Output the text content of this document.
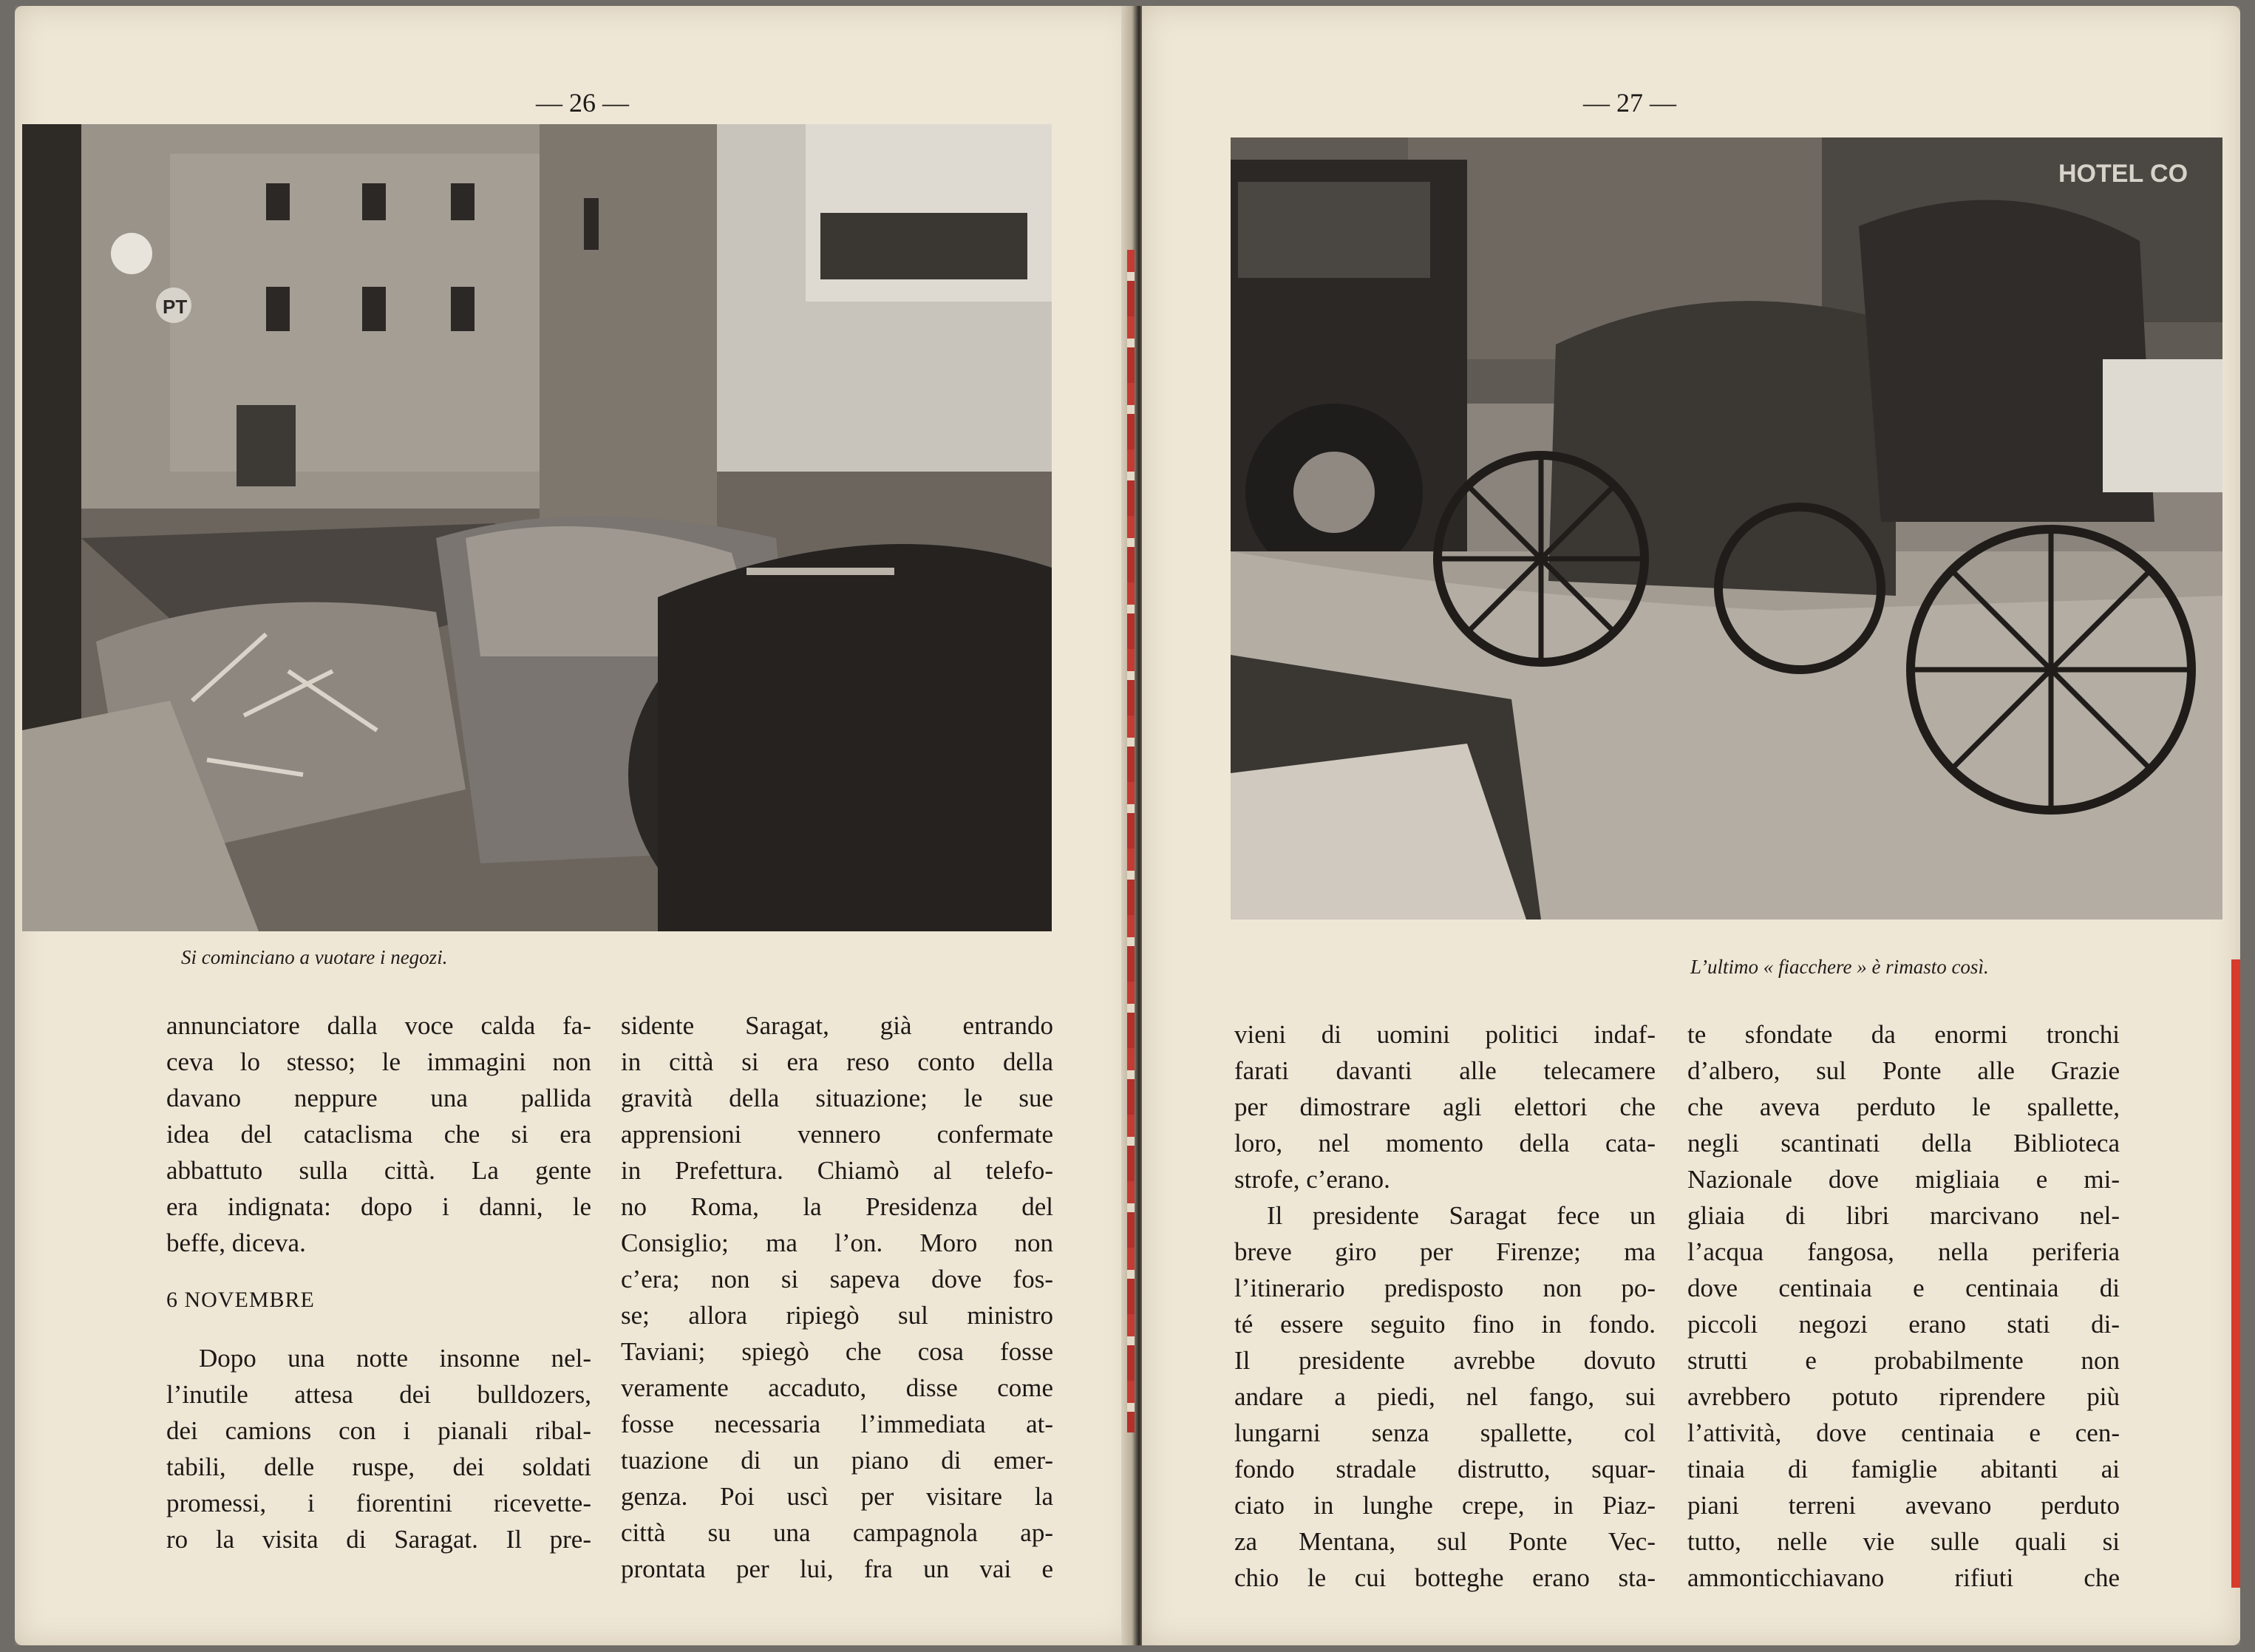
— 26 —
PT
Si cominciano a vuotare i negozi.
annunciatore dalla voce calda fa-
ceva lo stesso; le immagini non
davano neppure una pallida
idea del cataclisma che si era
abbattuto sulla città. La gente
era indignata: dopo i danni, le
beffe, diceva.
6 NOVEMBRE
Dopo una notte insonne nel-
l’inutile attesa dei bulldozers,
dei camions con i pianali ribal-
tabili, delle ruspe, dei soldati
promessi, i fiorentini ricevette-
ro la visita di Saragat. Il pre-
sidente Saragat, già entrando
in città si era reso conto della
gravità della situazione; le sue
apprensioni vennero confermate
in Prefettura. Chiamò al telefo-
no Roma, la Presidenza del
Consiglio; ma l’on. Moro non
c’era; non si sapeva dove fos-
se; allora ripiegò sul ministro
Taviani; spiegò che cosa fosse
veramente accaduto, disse come
fosse necessaria l’immediata at-
tuazione di un piano di emer-
genza. Poi uscì per visitare la
città su una campagnola ap-
prontata per lui, fra un vai e
— 27 —
HOTEL CO
L’ultimo « fiacchere » è rimasto così.
vieni di uomini politici indaf-
farati davanti alle telecamere
per dimostrare agli elettori che
loro, nel momento della cata-
strofe, c’erano.
Il presidente Saragat fece un
breve giro per Firenze; ma
l’itinerario predisposto non po-
té essere seguito fino in fondo.
Il presidente avrebbe dovuto
andare a piedi, nel fango, sui
lungarni senza spallette, col
fondo stradale distrutto, squar-
ciato in lunghe crepe, in Piaz-
za Mentana, sul Ponte Vec-
chio le cui botteghe erano sta-
te sfondate da enormi tronchi
d’albero, sul Ponte alle Grazie
che aveva perduto le spallette,
negli scantinati della Biblioteca
Nazionale dove migliaia e mi-
gliaia di libri marcivano nel-
l’acqua fangosa, nella periferia
dove centinaia e centinaia di
piccoli negozi erano stati di-
strutti e probabilmente non
avrebbero potuto riprendere più
l’attività, dove centinaia e cen-
tinaia di famiglie abitanti ai
piani terreni avevano perduto
tutto, nelle vie sulle quali si
ammonticchiavano rifiuti che
